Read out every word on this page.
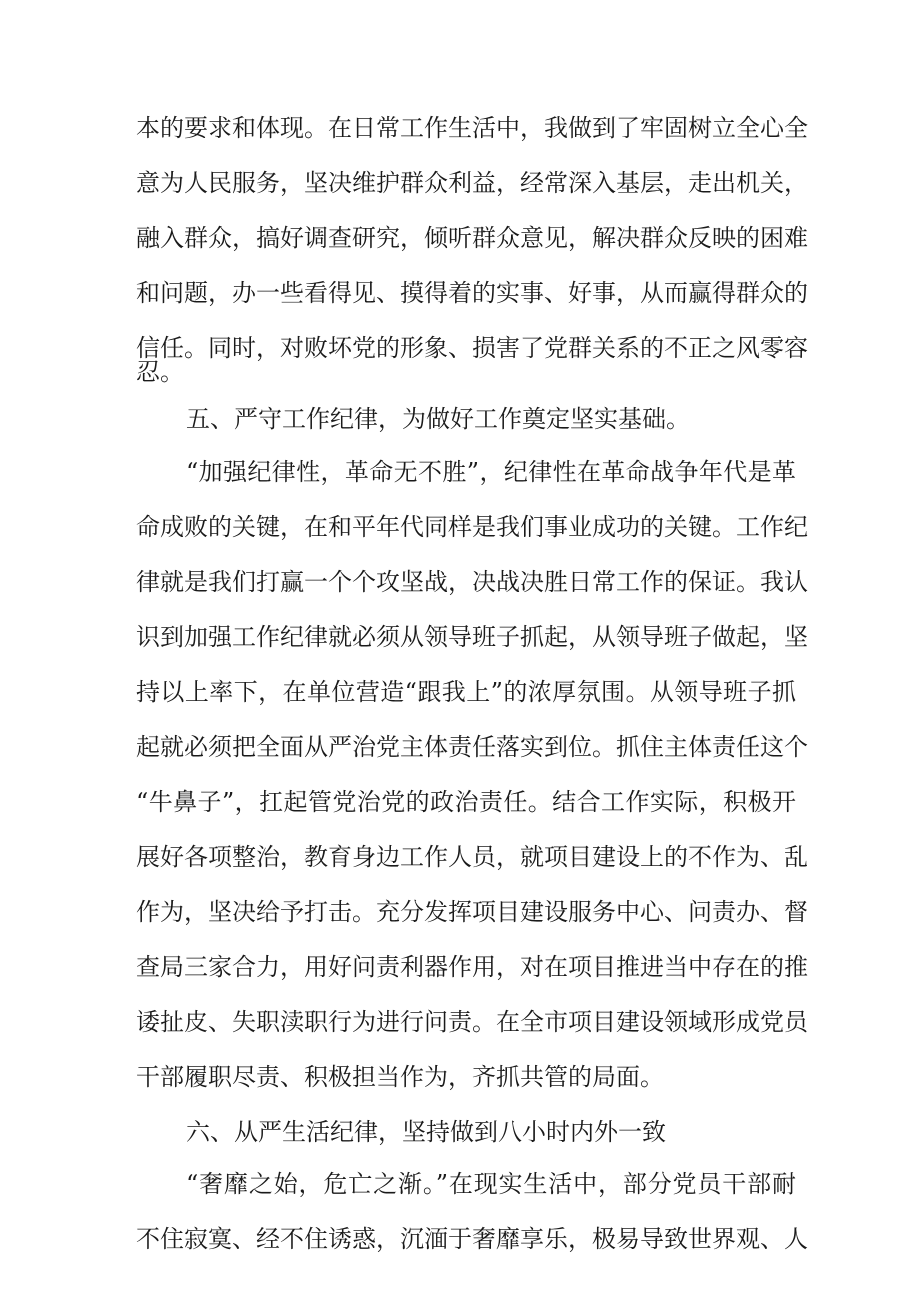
本的要求和体现。在日常工作生活中，我做到了牢固树立全心全
意为人民服务，坚决维护群众利益，经常深入基层，走出机关，
融入群众，搞好调查研究，倾听群众意见，解决群众反映的困难
和问题，办一些看得见、摸得着的实事、好事，从而赢得群众的
信任。同时，对败坏党的形象、损害了党群关系的不正之风零容
忍。
五、严守工作纪律，为做好工作奠定坚实基础。
“加强纪律性，革命无不胜”，纪律性在革命战争年代是革
命成败的关键，在和平年代同样是我们事业成功的关键。工作纪
律就是我们打赢一个个攻坚战，决战决胜日常工作的保证。我认
识到加强工作纪律就必须从领导班子抓起，从领导班子做起，坚
持以上率下，在单位营造“跟我上”的浓厚氛围。从领导班子抓
起就必须把全面从严治党主体责任落实到位。抓住主体责任这个
“牛鼻子”，扛起管党治党的政治责任。结合工作实际，积极开
展好各项整治，教育身边工作人员，就项目建设上的不作为、乱
作为，坚决给予打击。充分发挥项目建设服务中心、问责办、督
查局三家合力，用好问责利器作用，对在项目推进当中存在的推
诿扯皮、失职渎职行为进行问责。在全市项目建设领域形成党员
干部履职尽责、积极担当作为，齐抓共管的局面。
六、从严生活纪律，坚持做到八小时内外一致
“奢靡之始，危亡之渐。”在现实生活中，部分党员干部耐
不住寂寞、经不住诱惑，沉湎于奢靡享乐，极易导致世界观、人
